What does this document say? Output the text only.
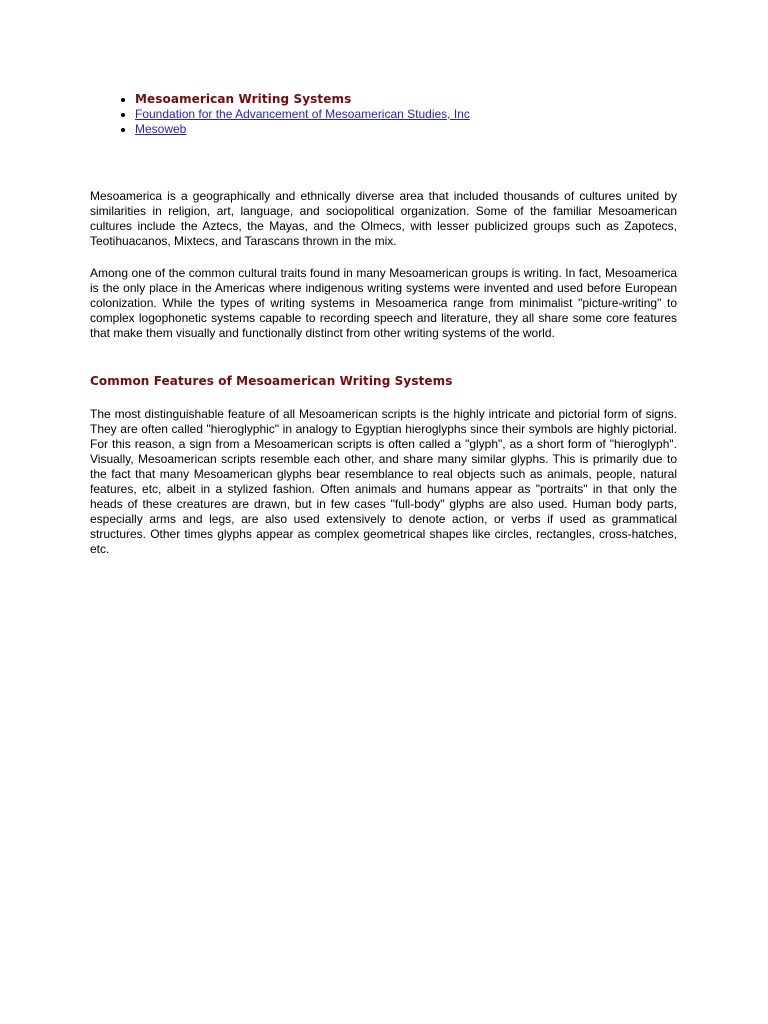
• Mesoamerican Writing Systems
• Foundation for the Advancement of Mesoamerican Studies, Inc
• Mesoweb

Mesoamerica is a geographically and ethnically diverse area that included thousands of cultures united by similarities in religion, art, language, and sociopolitical organization. Some of the familiar Mesoamerican cultures include the Aztecs, the Mayas, and the Olmecs, with lesser publicized groups such as Zapotecs, Teotihuacanos, Mixtecs, and Tarascans thrown in the mix.

Among one of the common cultural traits found in many Mesoamerican groups is writing. In fact, Mesoamerica is the only place in the Americas where indigenous writing systems were invented and used before European colonization. While the types of writing systems in Mesoamerica range from minimalist "picture-writing" to complex logophonetic systems capable to recording speech and literature, they all share some core features that make them visually and functionally distinct from other writing systems of the world.

Common Features of Mesoamerican Writing Systems

The most distinguishable feature of all Mesoamerican scripts is the highly intricate and pictorial form of signs. They are often called "hieroglyphic" in analogy to Egyptian hieroglyphs since their symbols are highly pictorial. For this reason, a sign from a Mesoamerican scripts is often called a "glyph", as a short form of "hieroglyph". Visually, Mesoamerican scripts resemble each other, and share many similar glyphs. This is primarily due to the fact that many Mesoamerican glyphs bear resemblance to real objects such as animals, people, natural features, etc, albeit in a stylized fashion. Often animals and humans appear as "portraits" in that only the heads of these creatures are drawn, but in few cases "full-body" glyphs are also used. Human body parts, especially arms and legs, are also used extensively to denote action, or verbs if used as grammatical structures. Other times glyphs appear as complex geometrical shapes like circles, rectangles, cross-hatches, etc.
